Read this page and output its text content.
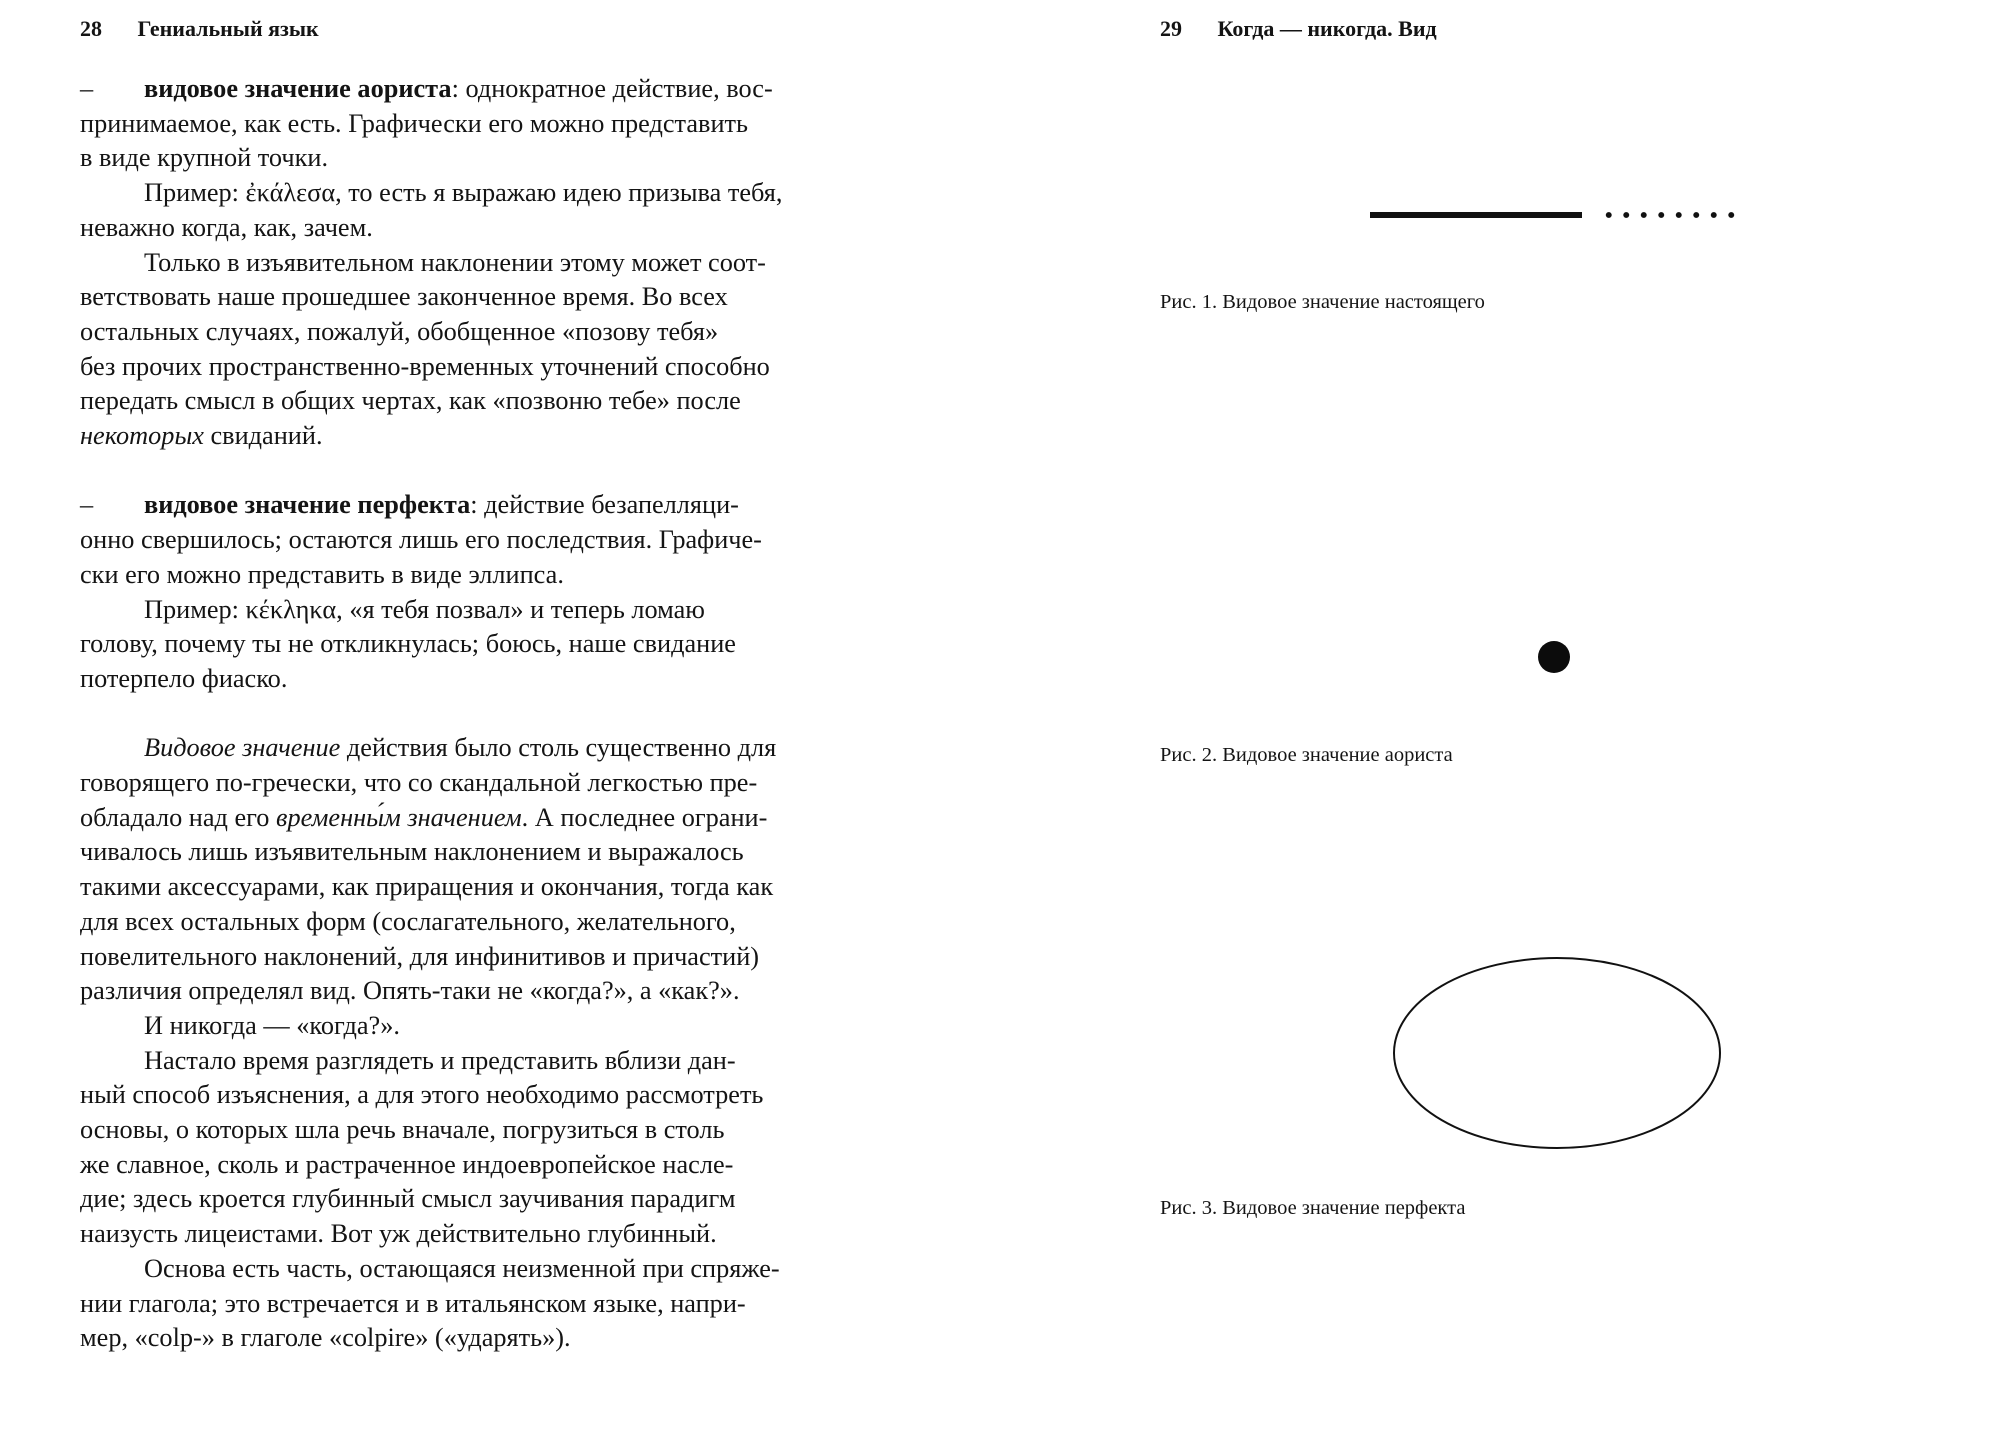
28 Гениальный язык
– видовое значение аориста: однократное действие, вос-
принимаемое, как есть. Графически его можно представить
в виде крупной точки.
Пример: ἐκάλεσα, то есть я выражаю идею призыва тебя,
неважно когда, как, зачем.
Только в изъявительном наклонении этому может соот-
ветствовать наше прошедшее законченное время. Во всех
остальных случаях, пожалуй, обобщенное «позову тебя»
без прочих пространственно-временных уточнений способно
передать смысл в общих чертах, как «позвоню тебе» после
некоторых свиданий.
– видовое значение перфекта: действие безапелляци-
онно свершилось; остаются лишь его последствия. Графиче-
ски его можно представить в виде эллипса.
Пример: κέκληκα, «я тебя позвал» и теперь ломаю
голову, почему ты не откликнулась; боюсь, наше свидание
потерпело фиаско.
Видовое значение действия было столь существенно для
говорящего по-гречески, что со скандальной легкостью пре-
обладало над его временны́м значением. А последнее ограни-
чивалось лишь изъявительным наклонением и выражалось
такими аксессуарами, как приращения и окончания, тогда как
для всех остальных форм (сослагательного, желательного,
повелительного наклонений, для инфинитивов и причастий)
различия определял вид. Опять-таки не «когда?», а «как?».
И никогда — «когда?».
Настало время разглядеть и представить вблизи дан-
ный способ изъяснения, а для этого необходимо рассмотреть
основы, о которых шла речь вначале, погрузиться в столь
же славное, сколь и растраченное индоевропейское насле-
дие; здесь кроется глубинный смысл заучивания парадигм
наизусть лицеистами. Вот уж действительно глубинный.
Основа есть часть, остающаяся неизменной при спряже-
нии глагола; это встречается и в итальянском языке, напри-
мер, «colp-» в глаголе «colpire» («ударять»).
29 Когда — никогда. Вид
Рис. 1. Видовое значение настоящего
Рис. 2. Видовое значение аориста
Рис. 3. Видовое значение перфекта
